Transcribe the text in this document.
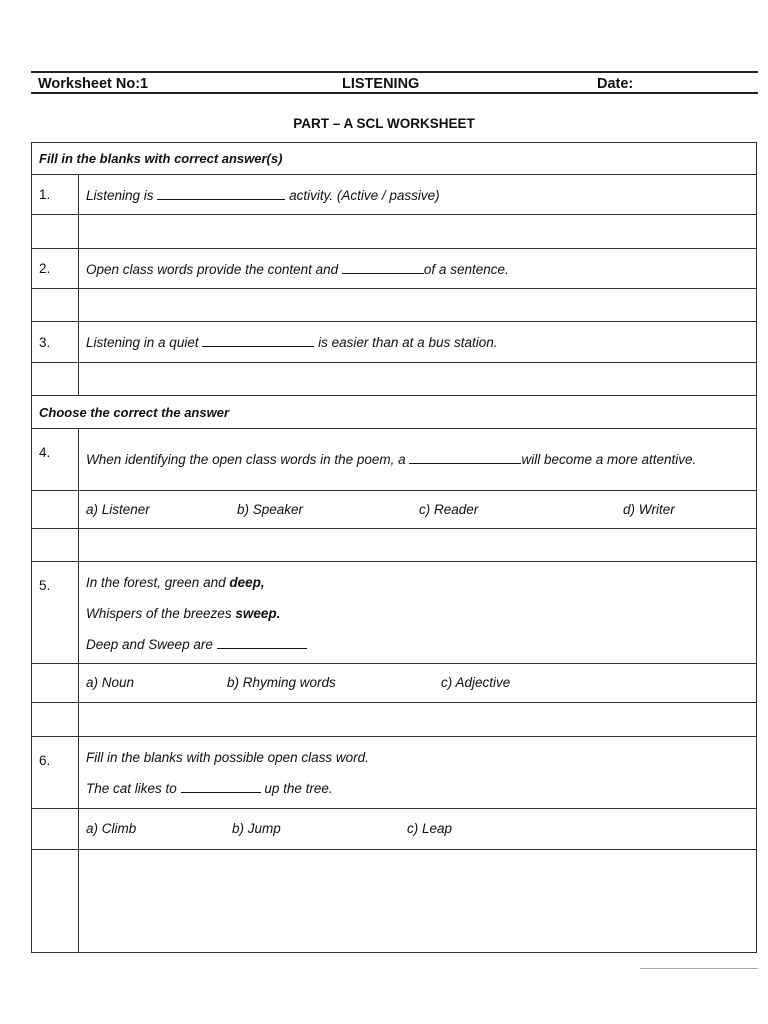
Worksheet No:1	LISTENING	Date:
PART – A SCL WORKSHEET
Fill in the blanks with correct answer(s)	
1.	Listening is activity. (Active / passive)

2.	Open class words provide the content and of a sentence.

3.	Listening in a quiet is easier than at a bus station.

Choose the correct the answer	
4.	When identifying the open class words in the poem, a will become a more attentive.

	a) Listener b) Speaker c) Reader d) Writer

5.	In the forest, green and deep,
Whispers of the breezes sweep.
Deep and Sweep are

	a) Noun b) Rhyming words c) Adjective

6.	Fill in the blanks with possible open class word.
The cat likes to up the tree.

	a) Climb b) Jump c) Leap
